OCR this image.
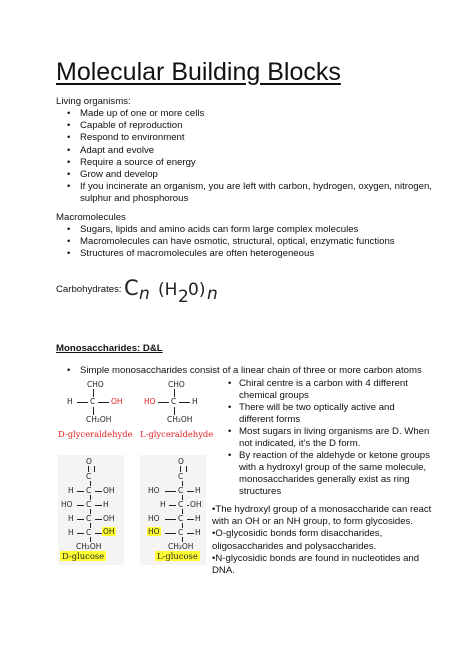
Molecular Building Blocks
Living organisms:
• Made up of one or more cells
• Capable of reproduction
• Respond to environment
• Adapt and evolve
• Require a source of energy
• Grow and develop
• If you incinerate an organism, you are left with carbon, hydrogen, oxygen, nitrogen,
sulphur and phosphorous
Macromolecules
• Sugars, lipids and amino acids can form large complex molecules
• Macromolecules can have osmotic, structural, optical, enzymatic functions
• Structures of macromolecules are often heterogeneous
Carbohydrates: C n (H 2 0) n
Monosaccharides: D&L
• Simple monosaccharides consist of a linear chain of three or more carbon atoms
• Chiral centre is a carbon with 4 different
chemical groups
• There will be two optically active and
different forms
• Most sugars in living organisms are D. When
not indicated, it’s the D form.
• By reaction of the aldehyde or ketone groups
with a hydroxyl group of the same molecule,
monosaccharides generally exist as ring
structures
•The hydroxyl group of a monosaccharide can react
with an OH or an NH group, to form glycosides.
•O-glycosidic bonds form disaccharides,
oligosaccharides and polysaccharides.
•N-glycosidic bonds are found in nucleotides and
DNA.
CHO
H C OH
CH₂OH
D-glyceraldehyde
CHO
HO C H
CH₂OH
L-glyceraldehyde
O
C
H C OH
HO C H
H C OH
H C OH
CH₂OH
D-glucose
O
C
HO C H
H C OH
HO C H
HO C H
CH₂OH
L-glucose
